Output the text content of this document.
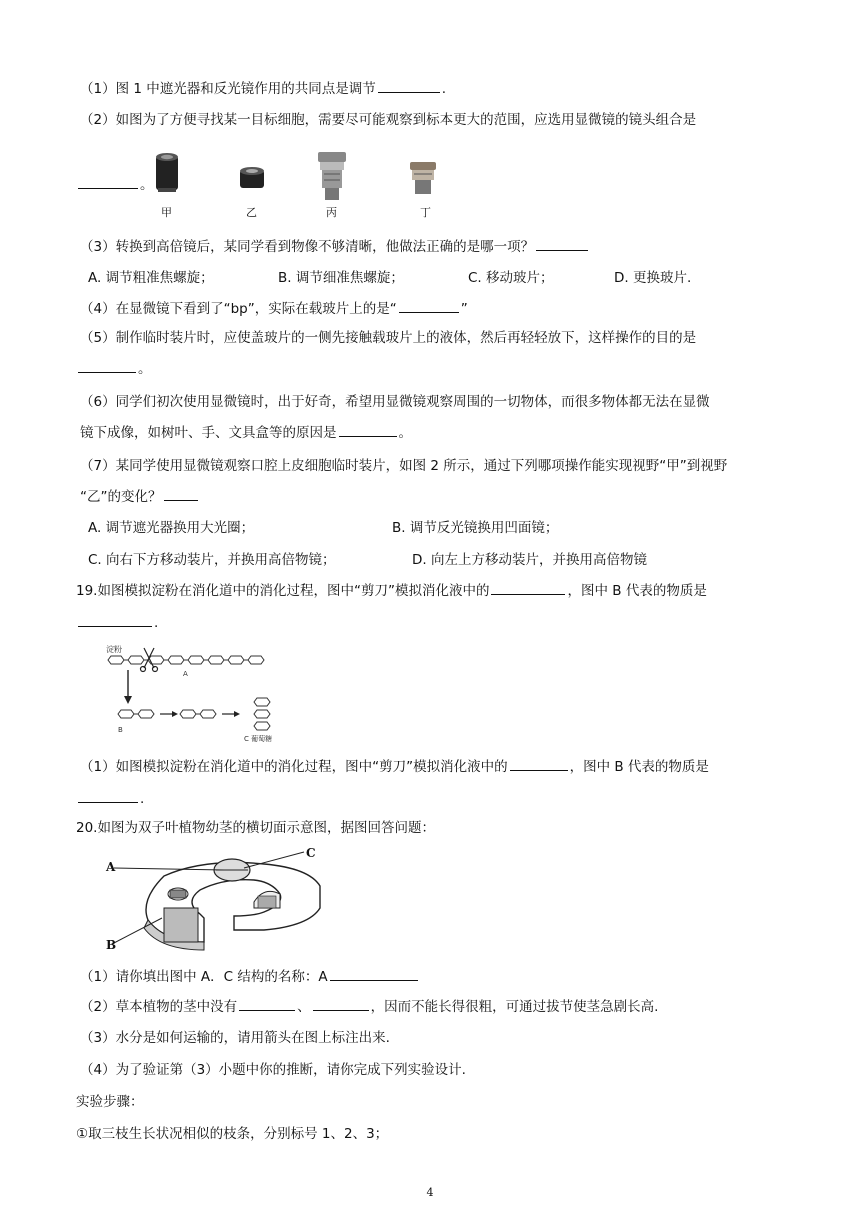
（1）图 1 中遮光器和反光镜作用的共同点是调节	.
（2）如图为了方便寻找某一目标细胞，需要尽可能观察到标本更大的范围，应选用显微镜的镜头组合是
。
甲	乙	丙	丁
（3）转换到高倍镜后，某同学看到物像不够清晰，他做法正确的是哪一项？
A. 调节粗准焦螺旋；	B. 调节细准焦螺旋；	C. 移动玻片；	D. 更换玻片.
（4）在显微镜下看到了“bp”，实际在载玻片上的是“	”
（5）制作临时装片时，应使盖玻片的一侧先接触载玻片上的液体，然后再轻轻放下，这样操作的目的是
。
（6）同学们初次使用显微镜时，出于好奇，希望用显微镜观察周围的一切物体，而很多物体都无法在显微
镜下成像，如树叶、手、文具盒等的原因是	。
（7）某同学使用显微镜观察口腔上皮细胞临时装片，如图 2 所示，通过下列哪项操作能实现视野“甲”到视野
“乙”的变化？
A. 调节遮光器换用大光圈；	B. 调节反光镜换用凹面镜；
C. 向右下方移动装片，并换用高倍物镜；	D. 向左上方移动装片，并换用高倍物镜
19.如图模拟淀粉在消化道中的消化过程，图中“剪刀”模拟消化液中的	，图中 B 代表的物质是
.
淀粉
A
B
C 葡萄糖
（1）如图模拟淀粉在消化道中的消化过程，图中“剪刀”模拟消化液中的	，图中 B 代表的物质是
.
20.如图为双子叶植物幼茎的横切面示意图，据图回答问题：
A
C
B
（1）请你填出图中 A．C 结构的名称：A
（2）草本植物的茎中没有	、	，因而不能长得很粗，可通过拔节使茎急剧长高.
（3）水分是如何运输的，请用箭头在图上标注出来.
（4）为了验证第（3）小题中你的推断，请你完成下列实验设计.
实验步骤：
①取三枝生长状况相似的枝条，分别标号 1、2、3；
4
